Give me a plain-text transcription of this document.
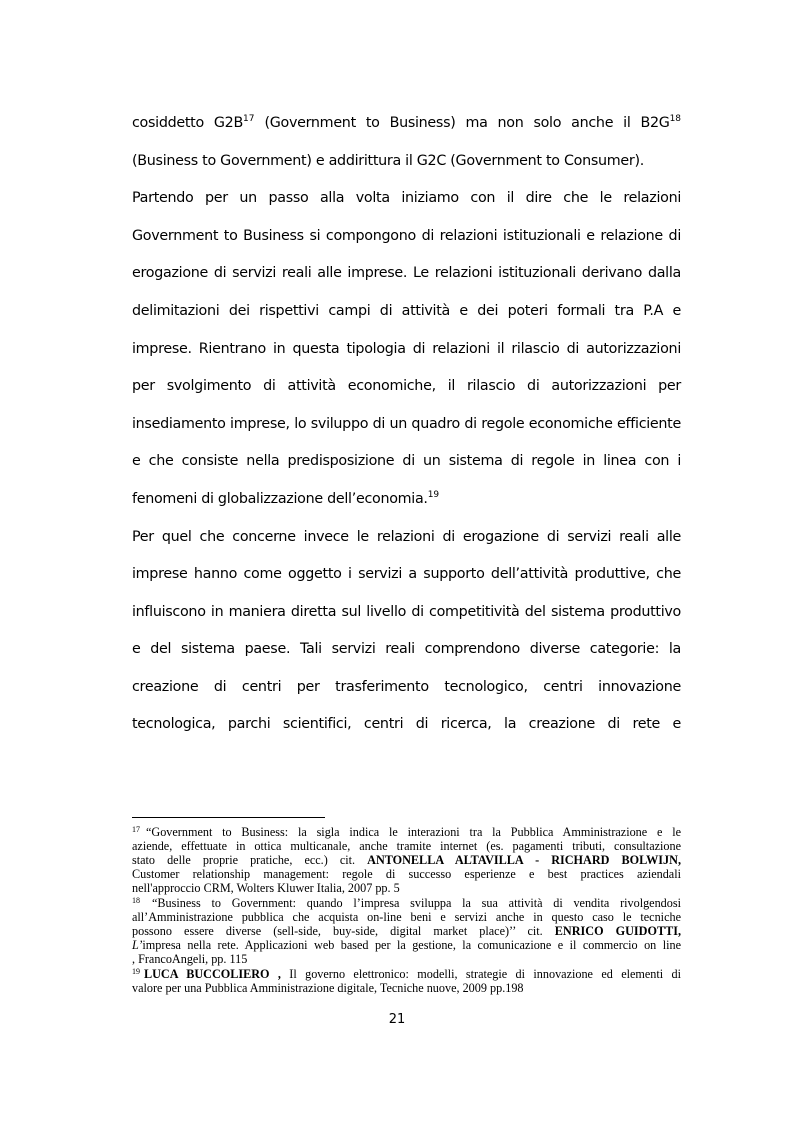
cosiddetto G2B$^{17}$ (Government to Business) ma non solo anche il B2G$^{18}$
(Business to Government) e addirittura il G2C (Government to Consumer).
Partendo per un passo alla volta iniziamo con il dire che le relazioni
Government to Business si compongono di relazioni istituzionali e relazione di
erogazione di servizi reali alle imprese. Le relazioni istituzionali derivano dalla
delimitazioni dei rispettivi campi di attività e dei poteri formali tra P.A e
imprese. Rientrano in questa tipologia di relazioni il rilascio di autorizzazioni
per svolgimento di attività economiche, il rilascio di autorizzazioni per
insediamento imprese, lo sviluppo di un quadro di regole economiche efficiente
e che consiste nella predisposizione di un sistema di regole in linea con i
fenomeni di globalizzazione dell’economia.$^{19}$
Per quel che concerne invece le relazioni di erogazione di servizi reali alle
imprese hanno come oggetto i servizi a supporto dell’attività produttive, che
influiscono in maniera diretta sul livello di competitività del sistema produttivo
e del sistema paese. Tali servizi reali comprendono diverse categorie: la
creazione di centri per trasferimento tecnologico, centri innovazione
tecnologica, parchi scientifici, centri di ricerca, la creazione di rete e
$^{17}$ “Government to Business: la sigla indica le interazioni tra la Pubblica Amministrazione e le
aziende, effettuate in ottica multicanale, anche tramite internet (es. pagamenti tributi, consultazione
stato delle proprie pratiche, ecc.) cit. ANTONELLA ALTAVILLA - RICHARD BOLWIJN,
Customer relationship management: regole di successo esperienze e best practices aziendali
nell'approccio CRM, Wolters Kluwer Italia, 2007 pp. 5
$^{18}$ “Business to Government: quando l’impresa sviluppa la sua attività di vendita rivolgendosi
all’Amministrazione pubblica che acquista on-line beni e servizi anche in questo caso le tecniche
possono essere diverse (sell-side, buy-side, digital market place)’’ cit. ENRICO GUIDOTTI,
L’impresa nella rete. Applicazioni web based per la gestione, la comunicazione e il commercio on line
, FrancoAngeli, pp. 115
$^{19}$ LUCA BUCCOLIERO , Il governo elettronico: modelli, strategie di innovazione ed elementi di
valore per una Pubblica Amministrazione digitale, Tecniche nuove, 2009 pp.198
21
